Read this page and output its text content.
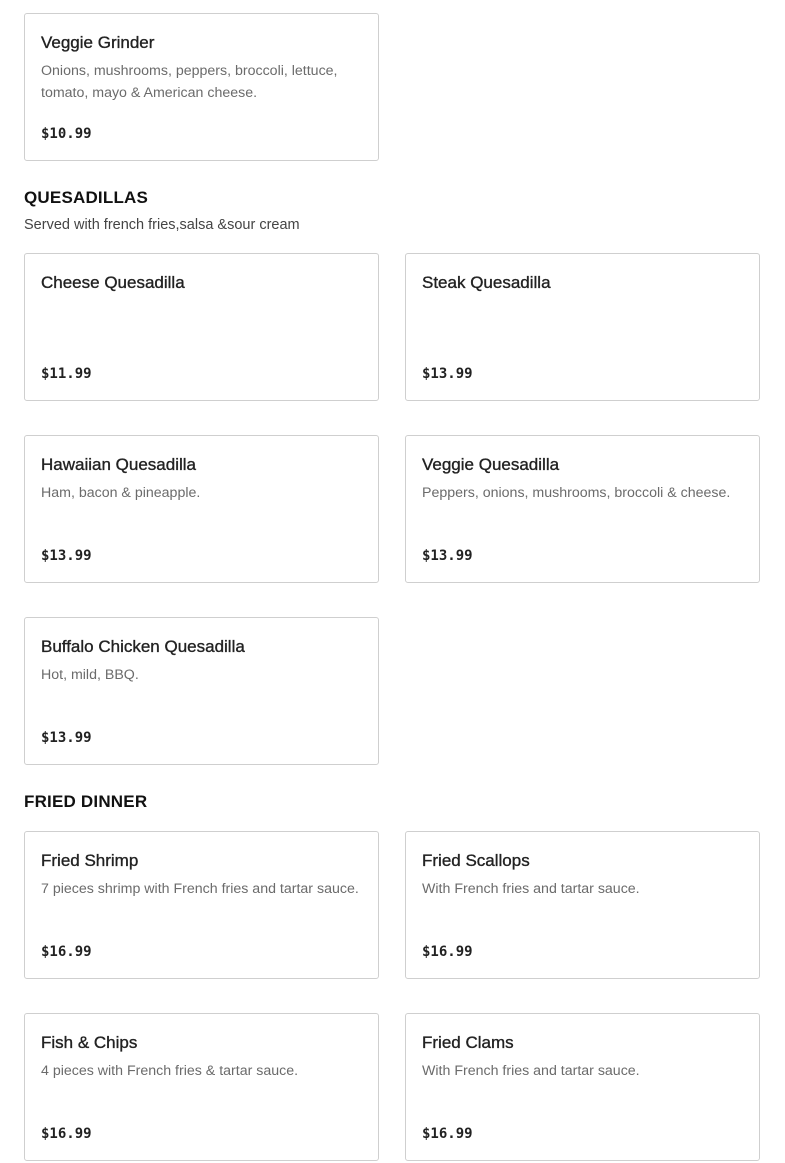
Veggie Grinder
Onions, mushrooms, peppers, broccoli, lettuce, tomato, mayo & American cheese.
$10.99
QUESADILLAS
Served with french fries,salsa &sour cream
Cheese Quesadilla
$11.99
Steak Quesadilla
$13.99
Hawaiian Quesadilla
Ham, bacon & pineapple.
$13.99
Veggie Quesadilla
Peppers, onions, mushrooms, broccoli & cheese.
$13.99
Buffalo Chicken Quesadilla
Hot, mild, BBQ.
$13.99
FRIED DINNER
Fried Shrimp
7 pieces shrimp with French fries and tartar sauce.
$16.99
Fried Scallops
With French fries and tartar sauce.
$16.99
Fish & Chips
4 pieces with French fries & tartar sauce.
$16.99
Fried Clams
With French fries and tartar sauce.
$16.99
